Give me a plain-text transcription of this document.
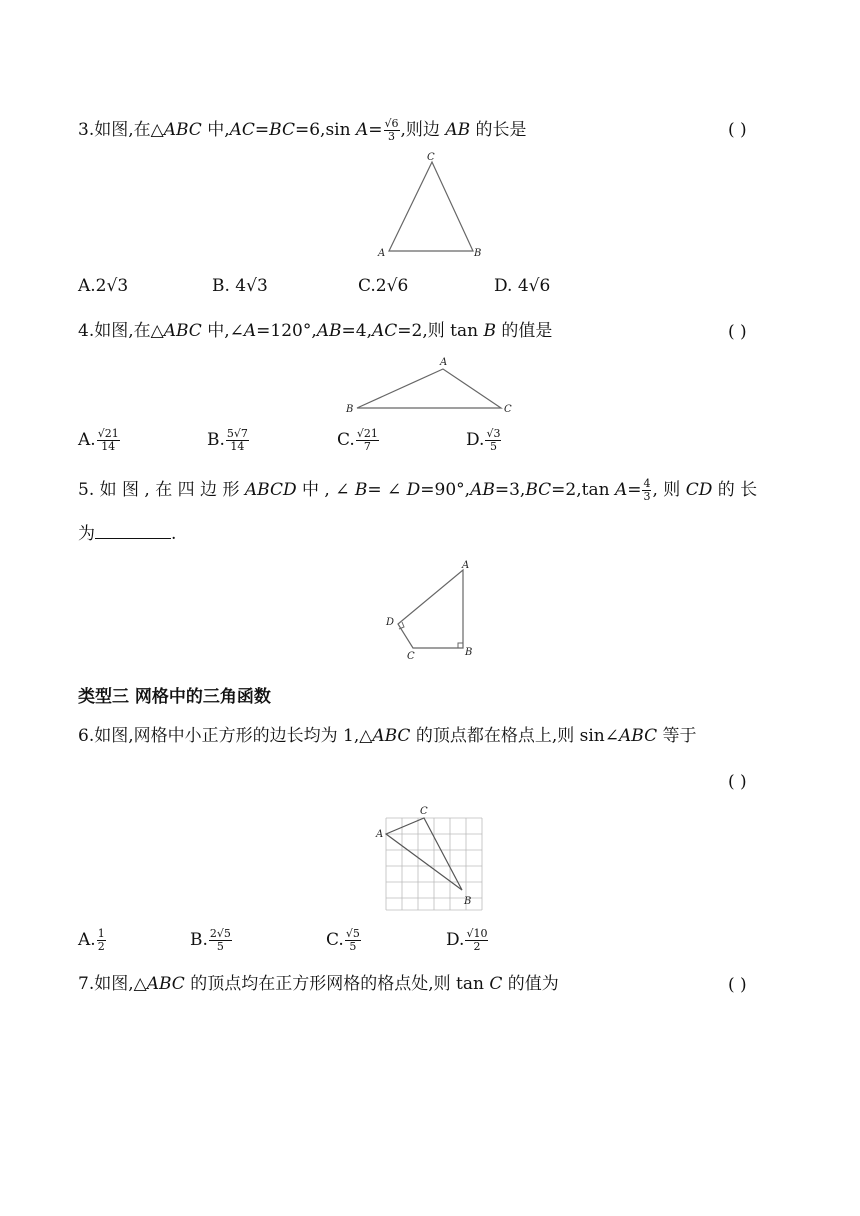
3.如图,在△ABC 中,AC=BC=6,sin $A= \frac{√6}{3}$ ,则边 AB 的长是	( )
C
A	B
A.2√3	B. 4√3	C.2√6	D. 4√6
4.如图,在△ABC 中,∠A=120°,AB=4,AC=2,则 tan B 的值是	( )
A
B	C
A. $\frac{√21}{14}$	B. $\frac{5√7}{14}$	C. $\frac{√21}{7}$	D. $\frac{√3}{5}$
5. 如 图 , 在 四 边 形 ABCD 中 , ∠ B= ∠ D=90°,AB=3,BC=2,tan $A= \frac{4}{3}$ , 则 CD 的 长
为	.
A
B
C
D
类型三 网格中的三角函数
6.如图,网格中小正方形的边长均为 1,△ABC 的顶点都在格点上,则 sin∠ABC 等于
( )
A
C
B
A. $\frac{1}{2}$	B. $\frac{2√5}{5}$	C. $\frac{√5}{5}$	D. $\frac{√10}{2}$
7.如图,△ABC 的顶点均在正方形网格的格点处,则 tan C 的值为	( )
